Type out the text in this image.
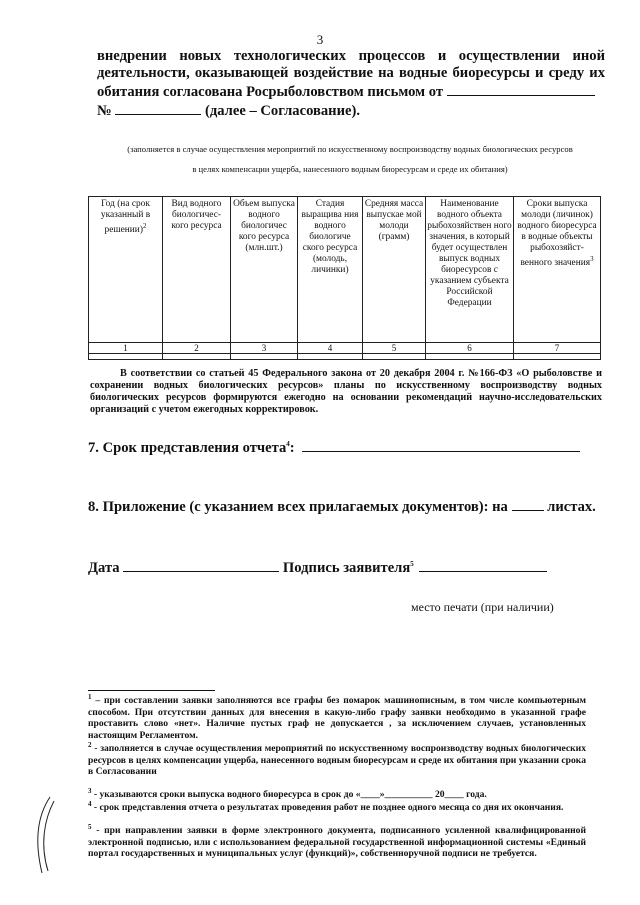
3
внедрении новых технологических процессов и осуществлении иной
деятельности, оказывающей воздействие на водные биоресурсы и среду их
обитания согласована Росрыболовством письмом от
№	(далее – Согласование).
(заполняется в случае осуществления мероприятий по искусственному воспроизводству водных биологических ресурсов
в целях компенсации ущерба, нанесенного водным биоресурсам и среде их обитания)
Год (на срок указанный в решении)$^2$	Вид водного биологичес-кого ресурса	Объем выпуска водного биологичес кого ресурса (млн.шт.)	Стадия выращива ния водного биологиче ского ресурса (молодь, личинки)	Средняя масса выпускае мой молоди (грамм)	Наименование водного объекта рыбохозяйствен ного значения, в который будет осуществлен выпуск водных биоресурсов с указанием субъекта Российской Федерации	Сроки выпуска молоди (личинок) водного биоресурса в водные объекты рыбохозяйст-венного значения$^3$
1	2	3	4	5	6	7

В соответствии со статьей 45 Федерального закона от 20 декабря 2004 г. №166-ФЗ «О рыболовстве и сохранении водных биологических ресурсов» планы по искусственному воспроизводству водных биологических ресурсов формируются ежегодно на основании рекомендаций научно-исследовательских организаций с учетом ежегодных корректировок.
7. Срок представления отчета$^4$:
8. Приложение (с указанием всех прилагаемых документов): на	листах.
Дата	Подпись заявителя$^5$
место печати (при наличии)
$^1$ – при составлении заявки заполняются все графы без помарок машинописным, в том числе компьютерным способом. При отсутствии данных для внесения в какую-либо графу заявки необходимо в указанной графе проставить слово «нет». Наличие пустых граф не допускается , за исключением случаев, установленных настоящим Регламентом.
$^2$ - заполняется в случае осуществления мероприятий по искусственному воспроизводству водных биологических ресурсов в целях компенсации ущерба, нанесенного водным биоресурсам и среде их обитания при указании срока в Согласовании
$^3$ - указываются сроки выпуска водного биоресурса в срок до «____»__________ 20____ года.
$^4$ - срок представления отчета о результатах проведения работ не позднее одного месяца со дня их окончания.
$^5$ - при направлении заявки в форме электронного документа, подписанного усиленной квалифицированной электронной подписью, или с использованием федеральной государственной информационной системы «Единый портал государственных и муниципальных услуг (функций)», собственноручной подписи не требуется.
